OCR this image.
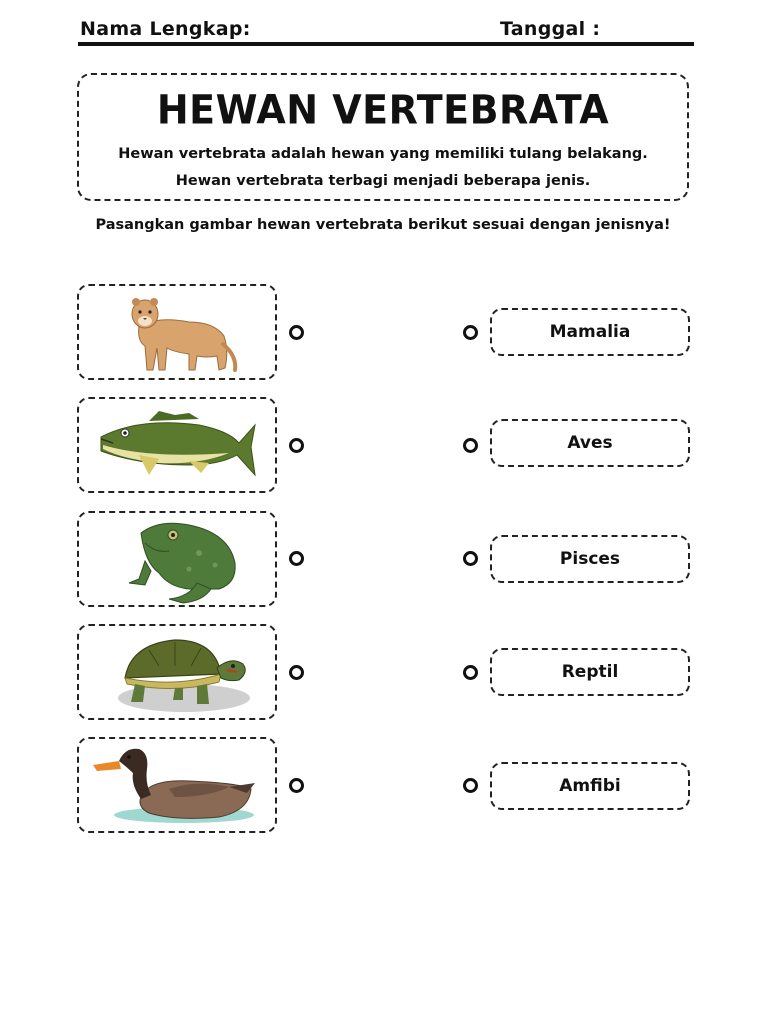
Nama Lengkap:	Tanggal :
HEWAN VERTEBRATA
Hewan vertebrata adalah hewan yang memiliki tulang belakang.
Hewan vertebrata terbagi menjadi beberapa jenis.
Pasangkan gambar hewan vertebrata berikut sesuai dengan jenisnya!
Mamalia
Aves
Pisces
Reptil
Amfibi
